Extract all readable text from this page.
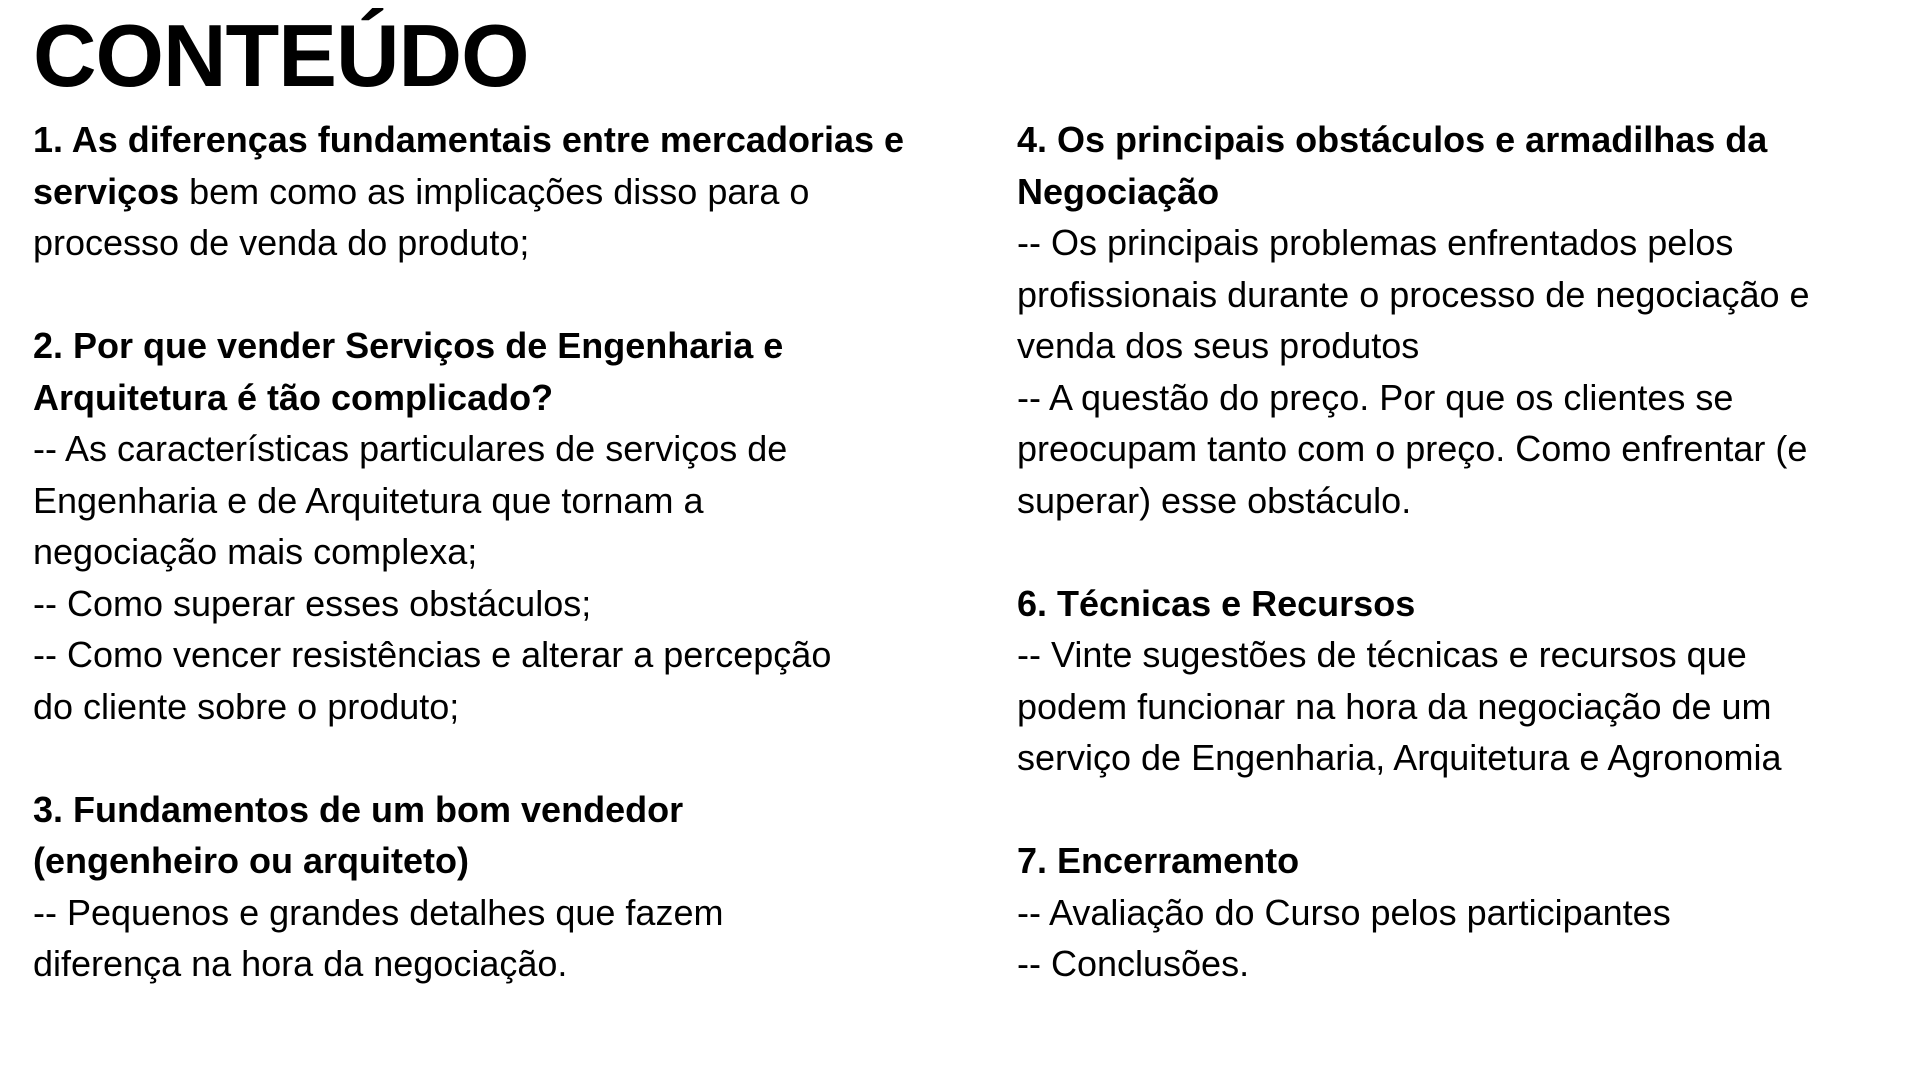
CONTEÚDO
1. As diferenças fundamentais entre mercadorias e
serviços bem como as implicações disso para o
processo de venda do produto;
2. Por que vender Serviços de Engenharia e
Arquitetura é tão complicado?
-- As características particulares de serviços de
Engenharia e de Arquitetura que tornam a
negociação mais complexa;
-- Como superar esses obstáculos;
-- Como vencer resistências e alterar a percepção
do cliente sobre o produto;
3. Fundamentos de um bom vendedor
(engenheiro ou arquiteto)
-- Pequenos e grandes detalhes que fazem
diferença na hora da negociação.
4. Os principais obstáculos e armadilhas da
Negociação
-- Os principais problemas enfrentados pelos
profissionais durante o processo de negociação e
venda dos seus produtos
-- A questão do preço. Por que os clientes se
preocupam tanto com o preço. Como enfrentar (e
superar) esse obstáculo.
6. Técnicas e Recursos
-- Vinte sugestões de técnicas e recursos que
podem funcionar na hora da negociação de um
serviço de Engenharia, Arquitetura e Agronomia
7. Encerramento
-- Avaliação do Curso pelos participantes
-- Conclusões.
